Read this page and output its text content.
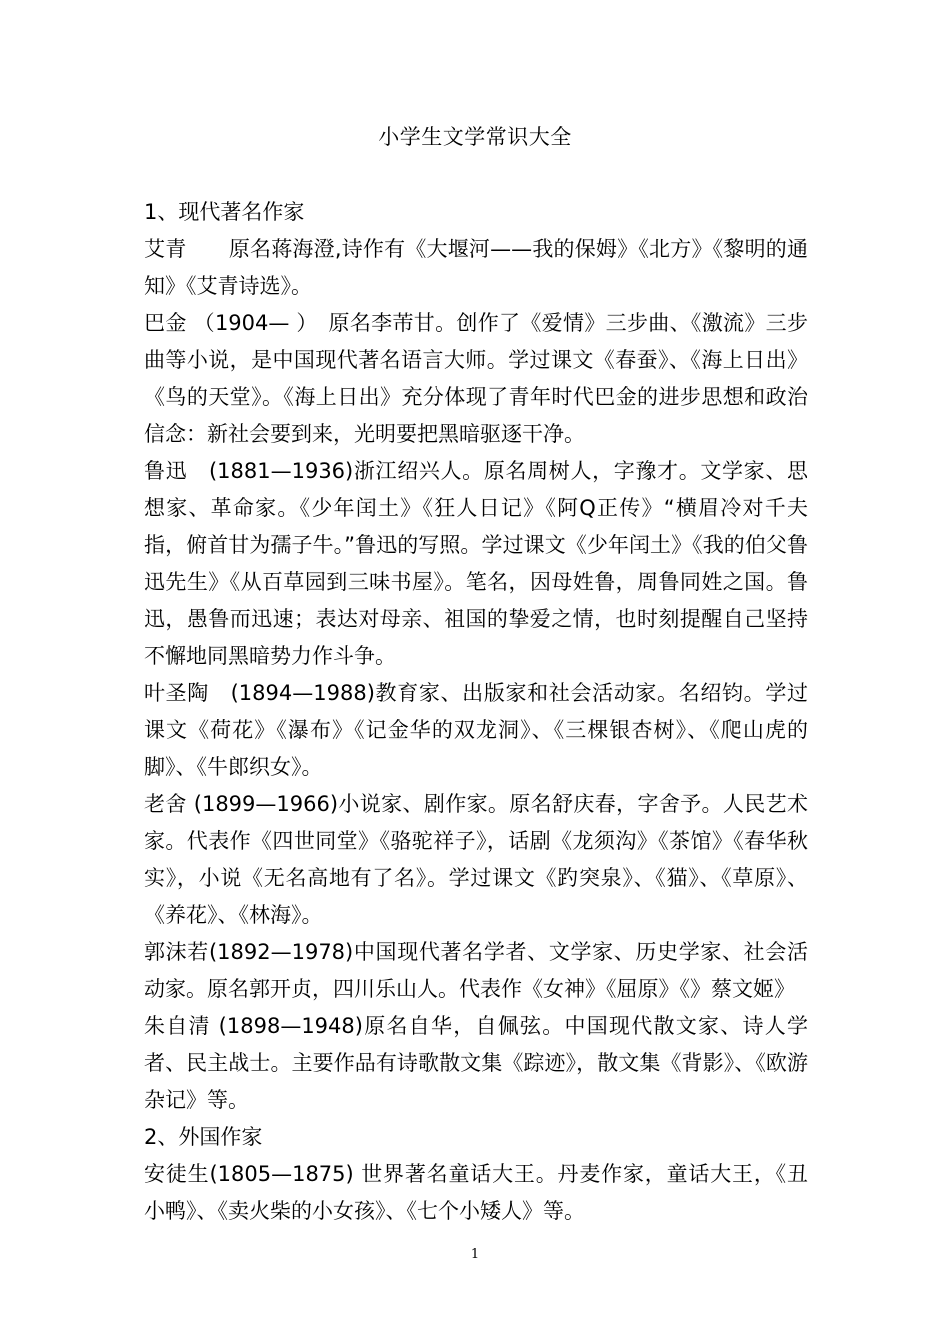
小学生文学常识大全

1、现代著名作家

艾青　　原名蒋海澄,诗作有《大堰河——我的保姆》《北方》《黎明的通知》《艾青诗选》。

巴金 （1904— ）　原名李芾甘。创作了《爱情》三步曲、《激流》三步曲等小说，是中国现代著名语言大师。学过课文《春蚕》、《海上日出》《鸟的天堂》。《海上日出》充分体现了青年时代巴金的进步思想和政治信念：新社会要到来，光明要把黑暗驱逐干净。

鲁迅　(1881—1936)浙江绍兴人。原名周树人，字豫才。文学家、思想家、革命家。《少年闰土》《狂人日记》《阿Q正传》“横眉冷对千夫指，俯首甘为孺子牛。”鲁迅的写照。学过课文《少年闰土》《我的伯父鲁迅先生》《从百草园到三味书屋》。笔名，因母姓鲁，周鲁同姓之国。鲁迅，愚鲁而迅速；表达对母亲、祖国的挚爱之情，也时刻提醒自己坚持不懈地同黑暗势力作斗争。

叶圣陶　(1894—1988)教育家、出版家和社会活动家。名绍钧。学过课文《荷花》《瀑布》《记金华的双龙洞》、《三棵银杏树》、《爬山虎的脚》、《牛郎织女》。

老舍 (1899—1966)小说家、剧作家。原名舒庆春，字舍予。人民艺术家。代表作《四世同堂》《骆驼祥子》，话剧《龙须沟》《茶馆》《春华秋实》，小说《无名高地有了名》。学过课文《趵突泉》、《猫》、《草原》、《养花》、《林海》。

郭沫若(1892—1978)中国现代著名学者、文学家、历史学家、社会活动家。原名郭开贞，四川乐山人。代表作《女神》《屈原》《》蔡文姬》

朱自清 (1898—1948)原名自华，自佩弦。中国现代散文家、诗人学者、民主战士。主要作品有诗歌散文集《踪迹》，散文集《背影》、《欧游杂记》等。

2、外国作家

安徒生(1805—1875) 世界著名童话大王。丹麦作家，童话大王，《丑小鸭》、《卖火柴的小女孩》、《七个小矮人》等。

1
